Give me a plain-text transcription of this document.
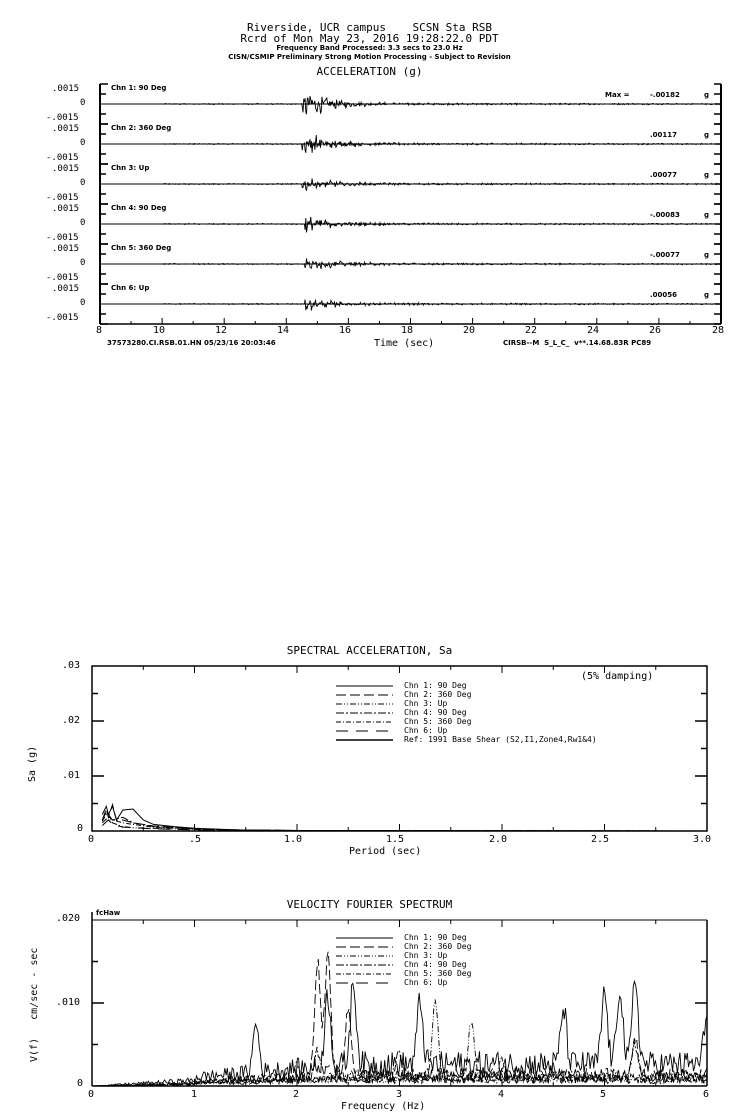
Riverside, UCR campus    SCSN Sta RSB
Rcrd of Mon May 23, 2016 19:28:22.0 PDT
Frequency Band Processed: 3.3 secs to 23.0 Hz
CISN/CSMIP Preliminary Strong Motion Processing - Subject to Revision
ACCELERATION (g)
8	10	12	14	16	18	20	22	24	26	28
37573280.CI.RSB.01.HN 05/23/16 20:03:46	Time (sec)	CIRSB--M  S_L_C_  v**.14.68.83R PC89
SPECTRAL ACCELERATION, Sa
(5% damping)
.03
.02
.01
0
Sa (g)
0	.5	1.0	1.5	2.0	2.5	3.0
Period (sec)
VELOCITY FOURIER SPECTRUM
fcHaw
.020
.010
0
V(f)   cm/sec - sec
0	1	2	3	4	5	6
Frequency (Hz)
.0015
0
-.0015
Chn 1: 90 Deg
Max =	-.00182	g
.0015
0
-.0015
Chn 2: 360 Deg
.00117	g
.0015
0
-.0015
Chn 3: Up
.00077	g
.0015
0
-.0015
Chn 4: 90 Deg
-.00083	g
.0015
0
-.0015
Chn 5: 360 Deg
-.00077	g
.0015
0
-.0015
Chn 6: Up
.00056	g
Chn 1: 90 Deg
Chn 2: 360 Deg
Chn 3: Up
Chn 4: 90 Deg
Chn 5: 360 Deg
Chn 6: Up
Ref: 1991 Base Shear (S2,I1,Zone4,Rw1&4)
Chn 1: 90 Deg
Chn 2: 360 Deg
Chn 3: Up
Chn 4: 90 Deg
Chn 5: 360 Deg
Chn 6: Up
